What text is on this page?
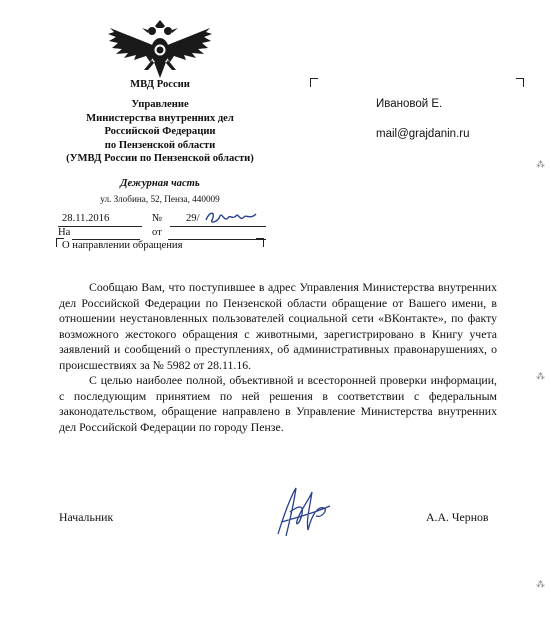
МВД России
Управление
Министерства внутренних дел
Российской Федерации
по Пензенской области
(УМВД России по Пензенской области)
Дежурная часть
ул. Злобина, 52, Пенза, 440009
28.11.2016	№ 29/
На	от
О направлении обращения
Ивановой Е.
mail@grajdanin.ru

Сообщаю Вам, что поступившее в адрес Управления Министерства внутренних дел Российской Федерации по Пензенской области обращение от Вашего имени, в отношении неустановленных пользователей социальной сети «ВКонтакте», по факту возможного жестокого обращения с животными, зарегистрировано в Книгу учета заявлений и сообщений о преступлениях, об административных правонарушениях, о происшествиях за № 5982 от 28.11.16.

С целью наиболее полной, объективной и всесторонней проверки информации, с последующим принятием по ней решения в соответствии с федеральным законодательством, обращение направлено в Управление Министерства внутренних дел Российской Федерации по городу Пензе.

Начальник	А.А. Чернов
⁂
⁂
⁂
